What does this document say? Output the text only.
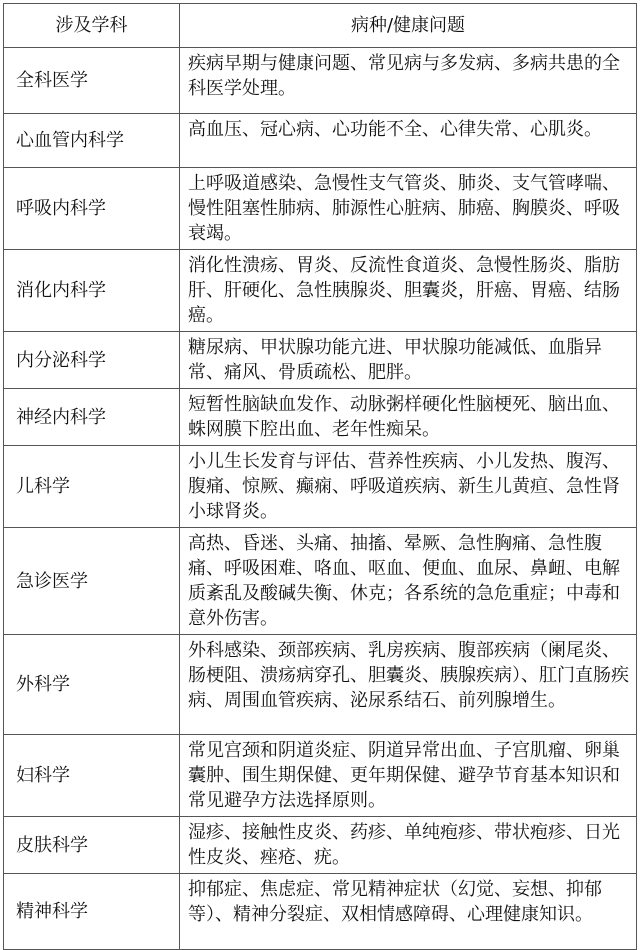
涉及学科	病种/健康问题
全科医学	疾病早期与健康问题、常见病与多发病、多病共患的全科医学处理。
心血管内科学	高血压、冠心病、心功能不全、心律失常、心肌炎。
呼吸内科学	上呼吸道感染、急慢性支气管炎、肺炎、支气管哮喘、慢性阻塞性肺病、肺源性心脏病、肺癌、胸膜炎、呼吸衰竭。
消化内科学	消化性溃疡、胃炎、反流性食道炎、急慢性肠炎、脂肪肝、肝硬化、急性胰腺炎、胆囊炎，肝癌、胃癌、结肠癌。
内分泌科学	糖尿病、甲状腺功能亢进、甲状腺功能减低、血脂异常、痛风、骨质疏松、肥胖。
神经内科学	短暂性脑缺血发作、动脉粥样硬化性脑梗死、脑出血、蛛网膜下腔出血、老年性痴呆。
儿科学	小儿生长发育与评估、营养性疾病、小儿发热、腹泻、腹痛、惊厥、癫痫、呼吸道疾病、新生儿黄疸、急性肾小球肾炎。
急诊医学	高热、昏迷、头痛、抽搐、晕厥、急性胸痛、急性腹痛、呼吸困难、咯血、呕血、便血、血尿、鼻衄、电解质紊乱及酸碱失衡、休克；各系统的急危重症；中毒和意外伤害。
外科学	外科感染、颈部疾病、乳房疾病、腹部疾病（阑尾炎、肠梗阻、溃疡病穿孔、胆囊炎、胰腺疾病）、肛门直肠疾病、周围血管疾病、泌尿系结石、前列腺增生。
妇科学	常见宫颈和阴道炎症、阴道异常出血、子宫肌瘤、卵巢囊肿、围生期保健、更年期保健、避孕节育基本知识和常见避孕方法选择原则。
皮肤科学	湿疹、接触性皮炎、药疹、单纯疱疹、带状疱疹、日光性皮炎、痤疮、疣。
精神科学	抑郁症、焦虑症、常见精神症状（幻觉、妄想、抑郁等）、精神分裂症、双相情感障碍、心理健康知识。
